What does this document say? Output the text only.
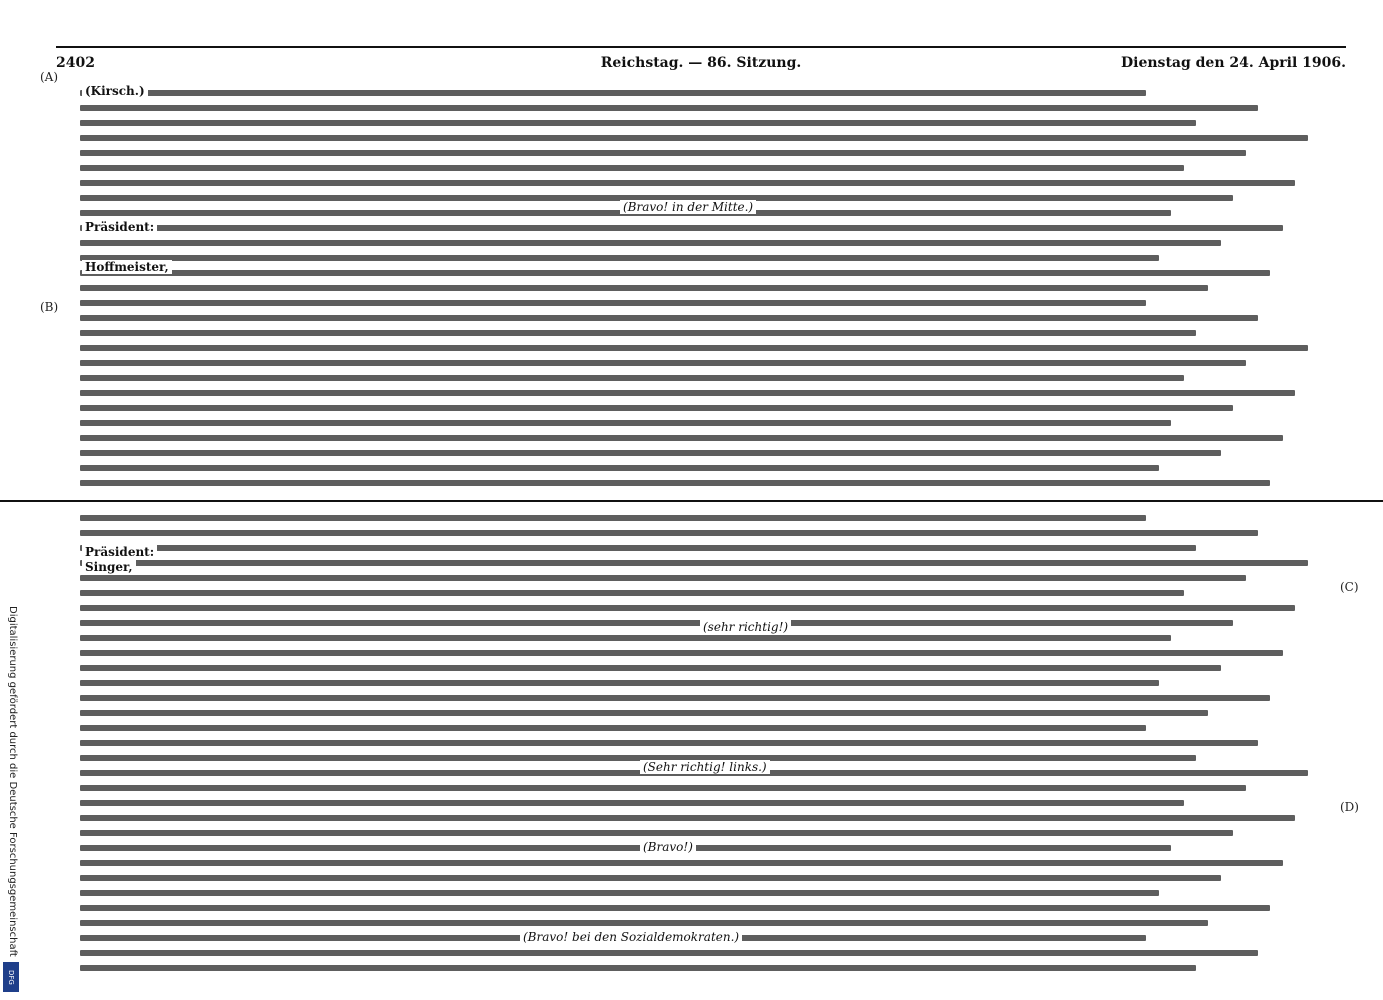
Digitalisierung gefördert durch die Deutsche Forschungsgemeinschaft
DFG
2402	Reichstag. — 86. Sitzung.	Dienstag den 24. April 1906.
(A)
(B)
(C)
(D)
(Kirsch.)
Präsident:
Hoffmeister,
(Bravo! in der Mitte.)
Präsident:
Singer,
(sehr richtig!)
(Sehr richtig! links.)
(Bravo!)
(Bravo! bei den Sozialdemokraten.)
